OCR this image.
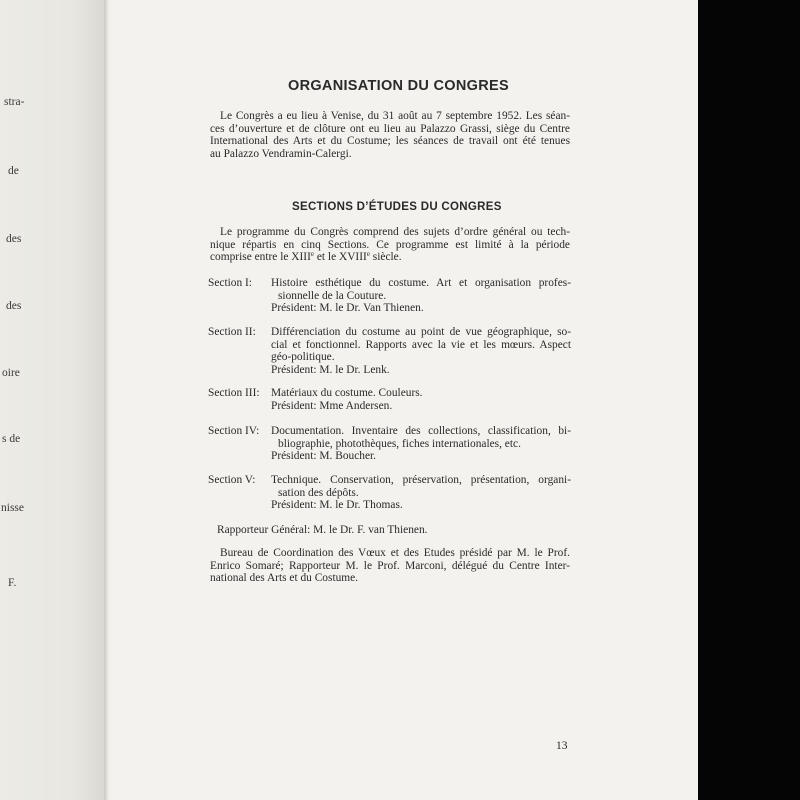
stra-
de
des
des
oire
s de
nisse
F.
ORGANISATION DU CONGRES
Le Congrès a eu lieu à Venise, du 31 août au 7 septembre 1952. Les séan-
ces d’ouverture et de clôture ont eu lieu au Palazzo Grassi, siège du Centre
International des Arts et du Costume; les séances de travail ont été tenues
au Palazzo Vendramin-Calergi.
SECTIONS D’ÉTUDES DU CONGRES
Le programme du Congrès comprend des sujets d’ordre général ou tech-
nique répartis en cinq Sections. Ce programme est limité à la période
comprise entre le XIIIe et le XVIIIe siècle.
Section I: Histoire esthétique du costume. Art et organisation profes-
sionnelle de la Couture.
Président: M. le Dr. Van Thienen.
Section II: Différenciation du costume au point de vue géographique, so-
cial et fonctionnel. Rapports avec la vie et les mœurs. Aspect
géo-politique.
Président: M. le Dr. Lenk.
Section III: Matériaux du costume. Couleurs.
Président: Mme Andersen.
Section IV: Documentation. Inventaire des collections, classification, bi-
bliographie, photothèques, fiches internationales, etc.
Président: M. Boucher.
Section V: Technique. Conservation, préservation, présentation, organi-
sation des dépôts.
Président: M. le Dr. Thomas.
Rapporteur Général: M. le Dr. F. van Thienen.
Bureau de Coordination des Vœux et des Etudes présidé par M. le Prof.
Enrico Somaré; Rapporteur M. le Prof. Marconi, délégué du Centre Inter-
national des Arts et du Costume.
13
